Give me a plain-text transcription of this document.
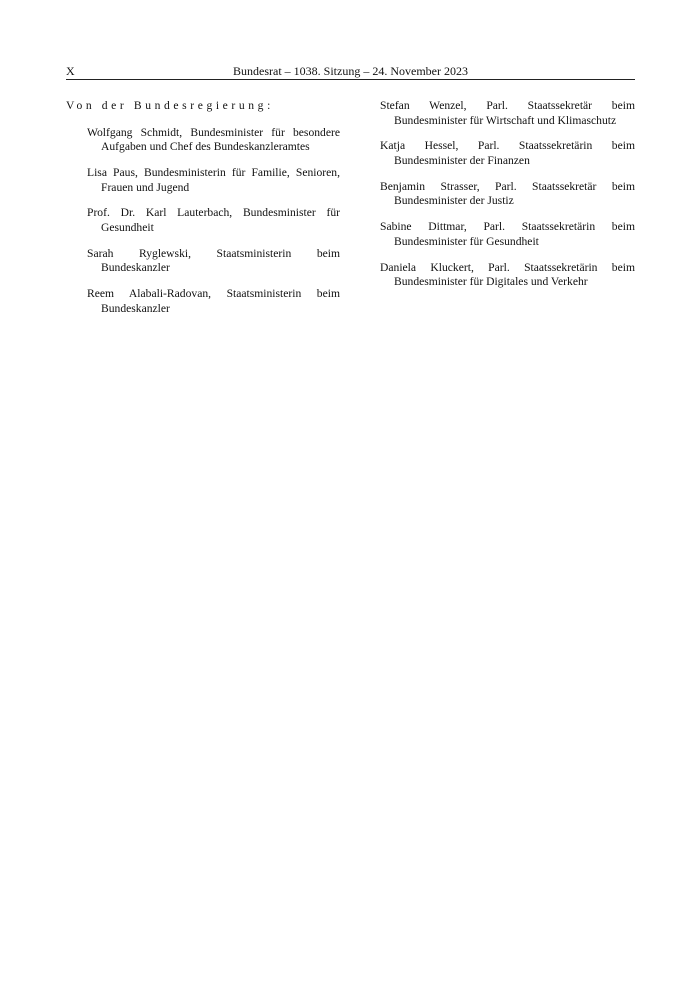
X	Bundesrat – 1038. Sitzung – 24. November 2023
Von der Bundesregierung:

Wolfgang Schmidt, Bundesminister für besondere Aufgaben und Chef des Bundeskanzleramtes

Lisa Paus, Bundesministerin für Familie, Senioren, Frauen und Jugend

Prof. Dr. Karl Lauterbach, Bundesminister für Gesundheit

Sarah Ryglewski, Staatsministerin beim Bundeskanzler

Reem Alabali-Radovan, Staatsministerin beim Bundeskanzler

Stefan Wenzel, Parl. Staatssekretär beim Bundesminister für Wirtschaft und Klimaschutz

Katja Hessel, Parl. Staatssekretärin beim Bundesminister der Finanzen

Benjamin Strasser, Parl. Staatssekretär beim Bundesminister der Justiz

Sabine Dittmar, Parl. Staatssekretärin beim Bundesminister für Gesundheit

Daniela Kluckert, Parl. Staatssekretärin beim Bundesminister für Digitales und Verkehr
